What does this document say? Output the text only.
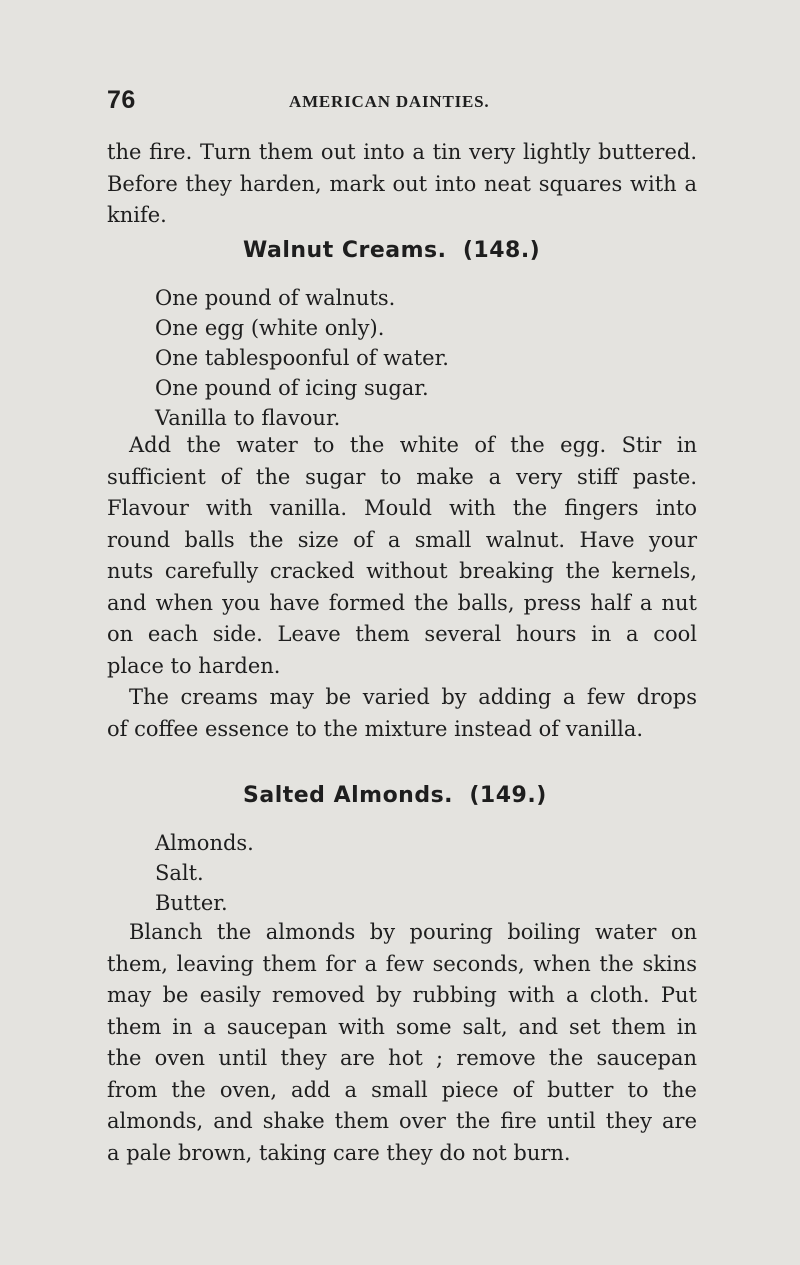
76	AMERICAN DAINTIES.
the fire. Turn them out into a tin very lightly buttered.
Before they harden, mark out into neat squares with a
knife.
Walnut Creams. (148.)
One pound of walnuts.
One egg (white only).
One tablespoonful of water.
One pound of icing sugar.
Vanilla to flavour.
Add the water to the white of the egg. Stir in
sufficient of the sugar to make a very stiff paste.
Flavour with vanilla. Mould with the fingers into
round balls the size of a small walnut. Have your
nuts carefully cracked without breaking the kernels,
and when you have formed the balls, press half a nut
on each side. Leave them several hours in a cool
place to harden.
The creams may be varied by adding a few drops
of coffee essence to the mixture instead of vanilla.
Salted Almonds. (149.)
Almonds.
Salt.
Butter.
Blanch the almonds by pouring boiling water on
them, leaving them for a few seconds, when the skins
may be easily removed by rubbing with a cloth. Put
them in a saucepan with some salt, and set them in
the oven until they are hot ; remove the saucepan
from the oven, add a small piece of butter to the
almonds, and shake them over the fire until they are
a pale brown, taking care they do not burn.
